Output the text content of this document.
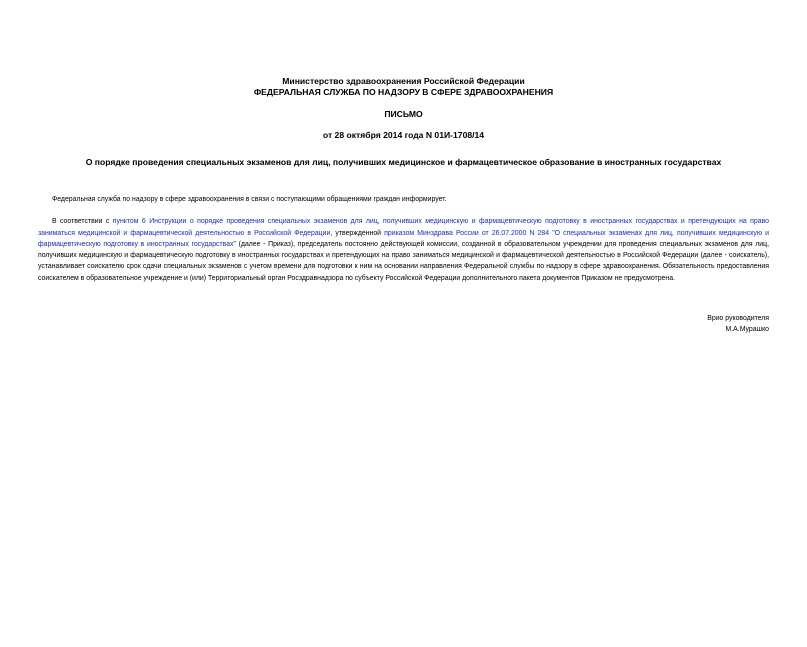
Министерство здравоохранения Российской Федерации
ФЕДЕРАЛЬНАЯ СЛУЖБА ПО НАДЗОРУ В СФЕРЕ ЗДРАВООХРАНЕНИЯ
ПИСЬМО
от 28 октября 2014 года N 01И-1708/14
О порядке проведения специальных экзаменов для лиц, получивших медицинское и фармацевтическое образование в иностранных государствах
Федеральная служба по надзору в сфере здравоохранения в связи с поступающими обращениями граждан информирует.
В соответствии с пунктом 6 Инструкции о порядке проведения специальных экзаменов для лиц, получивших медицинскую и фармацевтическую подготовку в иностранных государствах и претендующих на право заниматься медицинской и фармацевтической деятельностью в Российской Федерации, утвержденной приказом Минздрава России от 26.07.2000 N 284 "О специальных экзаменах для лиц, получивших медицинскую и фармацевтическую подготовку в иностранных государствах" (далее - Приказ), председатель постоянно действующей комиссии, созданной в образовательном учреждении для проведения специальных экзаменов для лиц, получивших медицинскую и фармацевтическую подготовку в иностранных государствах и претендующих на право заниматься медицинской и фармацевтической деятельностью в Российской Федерации (далее - соискатель), устанавливает соискателю срок сдачи специальных экзаменов с учетом времени для подготовки к ним на основании направления Федеральной службы по надзору в сфере здравоохранения. Обязательность предоставления соискателем в образовательное учреждение и (или) Территориальный орган Росздравнадзора по субъекту Российской Федерации дополнительного пакета документов Приказом не предусмотрена.
Врио руководителя
М.А.Мурашко
